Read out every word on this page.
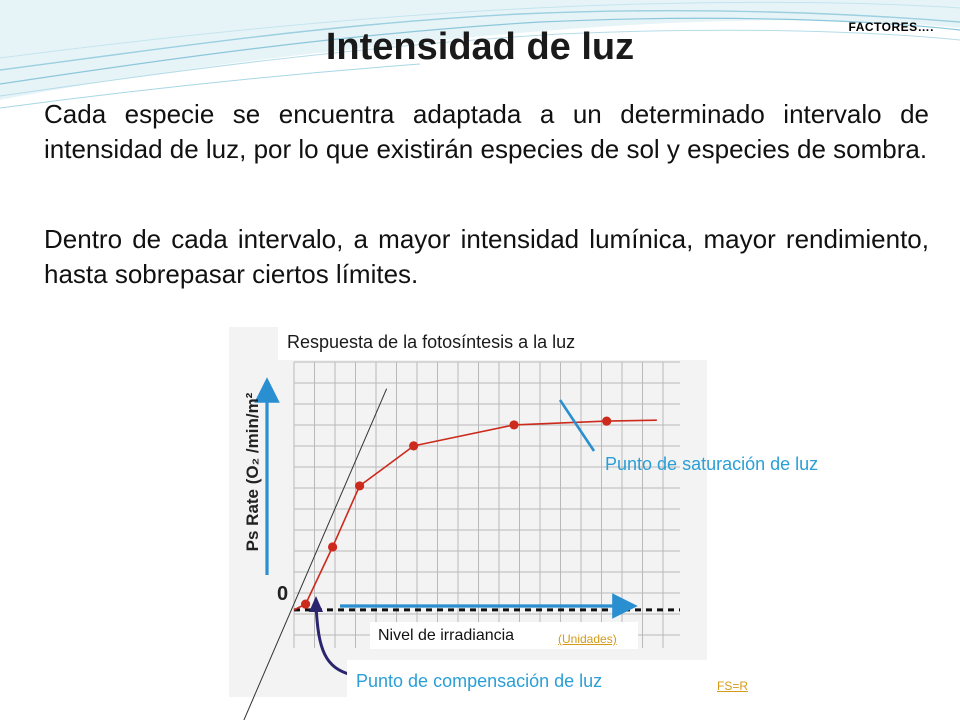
FACTORES….
Intensidad de luz

Cada especie se encuentra adaptada a un determinado intervalo de intensidad de luz, por lo que existirán especies de sol y especies de sombra.

Dentro de cada intervalo, a mayor intensidad lumínica, mayor rendimiento, hasta sobrepasar ciertos límites.

Respuesta de la fotosíntesis a la luz
Ps Rate (O₂ /min/m²
0
Nivel de irradiancia	(Unidades)
Punto de saturación de luz
Punto de compensación de luz	FS=R
